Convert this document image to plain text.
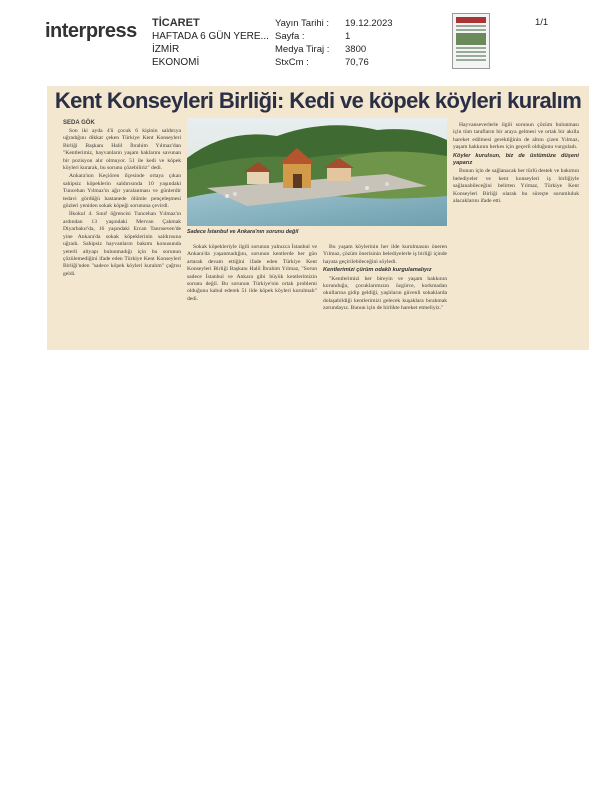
interpress TİCARET
HAFTADA 6 GÜN YERE...
İZMİR
EKONOMİ
Yayın Tarihi :	19.12.2023
Sayfa :	1
Medya Tiraj :	3800
StxCm :	70,76
1/1
Kent Konseyleri Birliği: Kedi ve köpek köyleri kuralım
SEDA GÖK
Sadece İstanbul ve Ankara'nın sorunu değil

Son iki ayda 4'ü çocuk 6 kişinin saldırıya uğradığını dikkat çeken Türkiye Kent Konseyleri Birliği Başkanı Halil İbrahim Yılmaz'dan "Kentlerimiz, hayvanların yaşam haklarını savunan bir pozisyon alır olmuyor. 51 ile kedi ve köpek köyleri kurarak, bu sorunu çözebiliriz" dedi.

Ankara'nın Keçiören ilçesinde ortaya çıkan sahipsiz köpeklerin saldırısında 10 yaşındaki Tuncehan Yılmaz'ın ağır yaralanması ve günlerdir tedavi gördüğü hastanede ölümle pençeleşmesi gözleri yeniden sokak köpeği sorununa çevirdi.

İlkokul 4. Sınıf öğrencisi Tuncehan Yılmaz'ın ardından 13 yaşındaki Mervan Çakmak Diyarbakır'da, 16 yaşındaki Ercan Tanrıseven'de yine Ankara'da sokak köpeklerinin saldırısına uğradı. Sahipsiz hayvanların bakımı konusunda yeterli altyapı bulunmadığı için bu sorunun çözülemediğini ifade eden Türkiye Kent Konseyleri Birliği'nden "sadece köpek köyleri kuralım" çağrısı geldi.

Sokak köpekleriyle ilgili sorunun yalnızca İstanbul ve Ankara'da yaşanmadığını, sorunun kentlerde her gün artarak devam ettiğini ifade eden Türkiye Kent Konseyleri Birliği Başkanı Halil İbrahim Yılmaz, "Sorun sadece İstanbul ve Ankara gibi büyük kentlerimizin sorunu değil. Bu sorunun Türkiye'nin ortak problemi olduğunu kabul ederek 51 ilde köpek köyleri kurulmalı" dedi.

Bu yaşam köylerinin her ilde kurulmasını öneren Yılmaz, çözüm önerisinin belediyelerle iş birliği içinde hayata geçirilebileceğini söyledi.

Kentlerimizi çürüm odaklı kurgulamalıyız

"Kentlerimizi her bireyin ve yaşam hakkının korunduğu, çocuklarımızın özgürce, korkmadan okullarına gidip geldiği, yaşlıların güvenli sokaklarda dolaşabildiği kentlerimizi gelecek kuşaklara bırakmak zorundayız. Bunun için de birlikte hareket etmeliyiz."

Hayvanseverlerle ilgili sorunun çözüm bulunması için tüm tarafların bir araya gelmesi ve ortak bir akılla hareket edilmesi gerektiğinin de altını çizen Yılmaz, yaşam hakkının herkes için geçerli olduğunu vurguladı.

Köyler kurulsun, biz de üstümüze düşeni yaparız

Bunun için de sağlanacak her türlü destek ve bakımın belediyeler ve kent konseyleri iş birliğiyle sağlanabileceğini belirten Yılmaz, Türkiye Kent Konseyleri Birliği olarak bu süreçte sorumluluk alacaklarını ifade etti.
